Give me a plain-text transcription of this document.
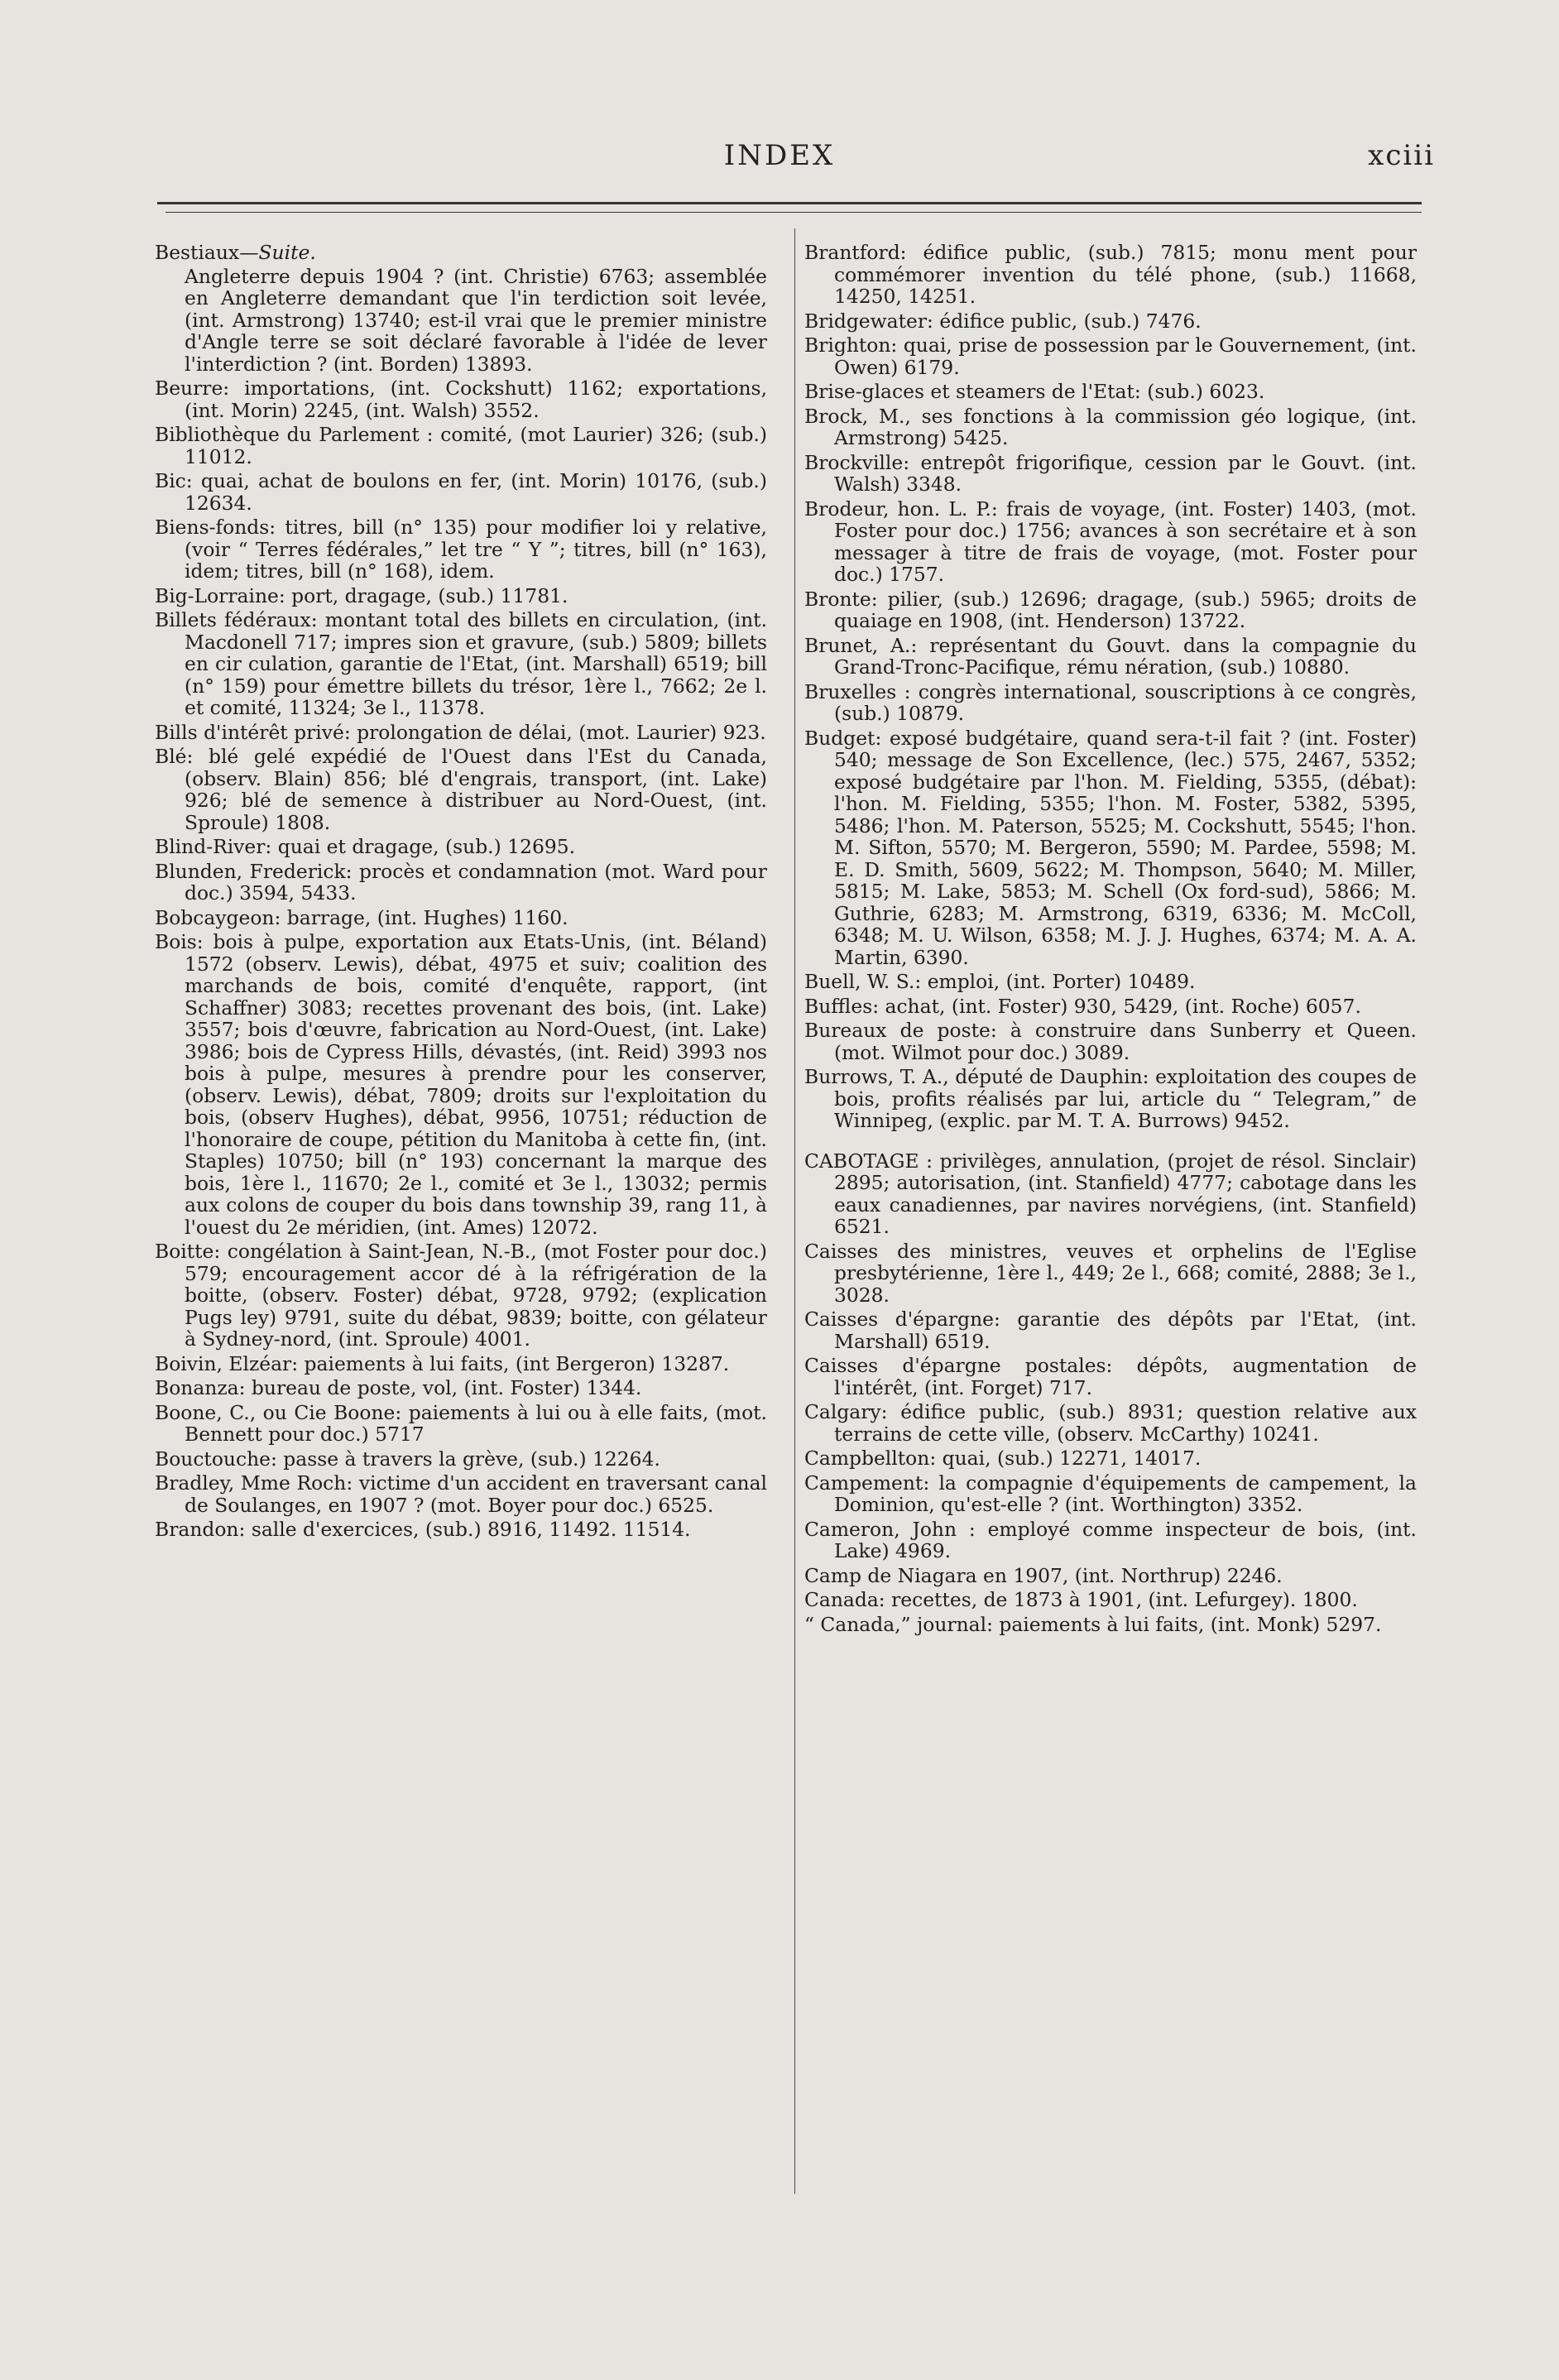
INDEX	xciii

Bestiaux—Suite.

Angleterre depuis 1904 ? (int. Christie) 6763; assemblée en Angleterre demandant que l'in terdiction soit levée, (int. Armstrong) 13740; est-il vrai que le premier ministre d'Angle terre se soit déclaré favorable à l'idée de lever l'interdiction ? (int. Borden) 13893.

Beurre: importations, (int. Cockshutt) 1162; exportations, (int. Morin) 2245, (int. Walsh) 3552.

Bibliothèque du Parlement : comité, (mot Laurier) 326; (sub.) 11012.

Bic: quai, achat de boulons en fer, (int. Morin) 10176, (sub.) 12634.

Biens-fonds: titres, bill (n° 135) pour modifier loi y relative, (voir “ Terres fédérales,” let tre “ Y ”; titres, bill (n° 163), idem; titres, bill (n° 168), idem.

Big-Lorraine: port, dragage, (sub.) 11781.

Billets fédéraux: montant total des billets en circulation, (int. Macdonell 717; impres sion et gravure, (sub.) 5809; billets en cir culation, garantie de l'Etat, (int. Marshall) 6519; bill (n° 159) pour émettre billets du trésor, 1ère l., 7662; 2e l. et comité, 11324; 3e l., 11378.

Bills d'intérêt privé: prolongation de délai, (mot. Laurier) 923.

Blé: blé gelé expédié de l'Ouest dans l'Est du Canada, (observ. Blain) 856; blé d'engrais, transport, (int. Lake) 926; blé de semence à distribuer au Nord-Ouest, (int. Sproule) 1808.

Blind-River: quai et dragage, (sub.) 12695.

Blunden, Frederick: procès et condamnation (mot. Ward pour doc.) 3594, 5433.

Bobcaygeon: barrage, (int. Hughes) 1160.

Bois: bois à pulpe, exportation aux Etats-Unis, (int. Béland) 1572 (observ. Lewis), débat, 4975 et suiv; coalition des marchands de bois, comité d'enquête, rapport, (int Schaffner) 3083; recettes provenant des bois, (int. Lake) 3557; bois d'œuvre, fabrication au Nord-Ouest, (int. Lake) 3986; bois de Cypress Hills, dévastés, (int. Reid) 3993 nos bois à pulpe, mesures à prendre pour les conserver, (observ. Lewis), débat, 7809; droits sur l'exploitation du bois, (observ Hughes), débat, 9956, 10751; réduction de l'honoraire de coupe, pétition du Manitoba à cette fin, (int. Staples) 10750; bill (n° 193) concernant la marque des bois, 1ère l., 11670; 2e l., comité et 3e l., 13032; permis aux colons de couper du bois dans township 39, rang 11, à l'ouest du 2e méridien, (int. Ames) 12072.

Boitte: congélation à Saint-Jean, N.-B., (mot Foster pour doc.) 579; encouragement accor dé à la réfrigération de la boitte, (observ. Foster) débat, 9728, 9792; (explication Pugs ley) 9791, suite du débat, 9839; boitte, con gélateur à Sydney-nord, (int. Sproule) 4001.

Boivin, Elzéar: paiements à lui faits, (int Bergeron) 13287.

Bonanza: bureau de poste, vol, (int. Foster) 1344.

Boone, C., ou Cie Boone: paiements à lui ou à elle faits, (mot. Bennett pour doc.) 5717

Bouctouche: passe à travers la grève, (sub.) 12264.

Bradley, Mme Roch: victime d'un accident en traversant canal de Soulanges, en 1907 ? (mot. Boyer pour doc.) 6525.

Brandon: salle d'exercices, (sub.) 8916, 11492. 11514.

Brantford: édifice public, (sub.) 7815; monu ment pour commémorer invention du télé phone, (sub.) 11668, 14250, 14251.

Bridgewater: édifice public, (sub.) 7476.

Brighton: quai, prise de possession par le Gouvernement, (int. Owen) 6179.

Brise-glaces et steamers de l'Etat: (sub.) 6023.

Brock, M., ses fonctions à la commission géo logique, (int. Armstrong) 5425.

Brockville: entrepôt frigorifique, cession par le Gouvt. (int. Walsh) 3348.

Brodeur, hon. L. P.: frais de voyage, (int. Foster) 1403, (mot. Foster pour doc.) 1756; avances à son secrétaire et à son messager à titre de frais de voyage, (mot. Foster pour doc.) 1757.

Bronte: pilier, (sub.) 12696; dragage, (sub.) 5965; droits de quaiage en 1908, (int. Henderson) 13722.

Brunet, A.: représentant du Gouvt. dans la compagnie du Grand-Tronc-Pacifique, rému nération, (sub.) 10880.

Bruxelles : congrès international, souscriptions à ce congrès, (sub.) 10879.

Budget: exposé budgétaire, quand sera-t-il fait ? (int. Foster) 540; message de Son Excellence, (lec.) 575, 2467, 5352; exposé budgétaire par l'hon. M. Fielding, 5355, (débat): l'hon. M. Fielding, 5355; l'hon. M. Foster, 5382, 5395, 5486; l'hon. M. Paterson, 5525; M. Cockshutt, 5545; l'hon. M. Sifton, 5570; M. Bergeron, 5590; M. Pardee, 5598; M. E. D. Smith, 5609, 5622; M. Thompson, 5640; M. Miller, 5815; M. Lake, 5853; M. Schell (Ox ford-sud), 5866; M. Guthrie, 6283; M. Armstrong, 6319, 6336; M. McColl, 6348; M. U. Wilson, 6358; M. J. J. Hughes, 6374; M. A. A. Martin, 6390.

Buell, W. S.: emploi, (int. Porter) 10489.

Buffles: achat, (int. Foster) 930, 5429, (int. Roche) 6057.

Bureaux de poste: à construire dans Sunberry et Queen. (mot. Wilmot pour doc.) 3089.

Burrows, T. A., député de Dauphin: exploitation des coupes de bois, profits réalisés par lui, article du “ Telegram,” de Winnipeg, (explic. par M. T. A. Burrows) 9452.

CABOTAGE : privilèges, annulation, (projet de résol. Sinclair) 2895; autorisation, (int. Stanfield) 4777; cabotage dans les eaux canadiennes, par navires norvégiens, (int. Stanfield) 6521.

Caisses des ministres, veuves et orphelins de l'Eglise presbytérienne, 1ère l., 449; 2e l., 668; comité, 2888; 3e l., 3028.

Caisses d'épargne: garantie des dépôts par l'Etat, (int. Marshall) 6519.

Caisses d'épargne postales: dépôts, augmentation de l'intérêt, (int. Forget) 717.

Calgary: édifice public, (sub.) 8931; question relative aux terrains de cette ville, (observ. McCarthy) 10241.

Campbellton: quai, (sub.) 12271, 14017.

Campement: la compagnie d'équipements de campement, la Dominion, qu'est-elle ? (int. Worthington) 3352.

Cameron, John : employé comme inspecteur de bois, (int. Lake) 4969.

Camp de Niagara en 1907, (int. Northrup) 2246.

Canada: recettes, de 1873 à 1901, (int. Lefurgey). 1800.

“ Canada,” journal: paiements à lui faits, (int. Monk) 5297.
